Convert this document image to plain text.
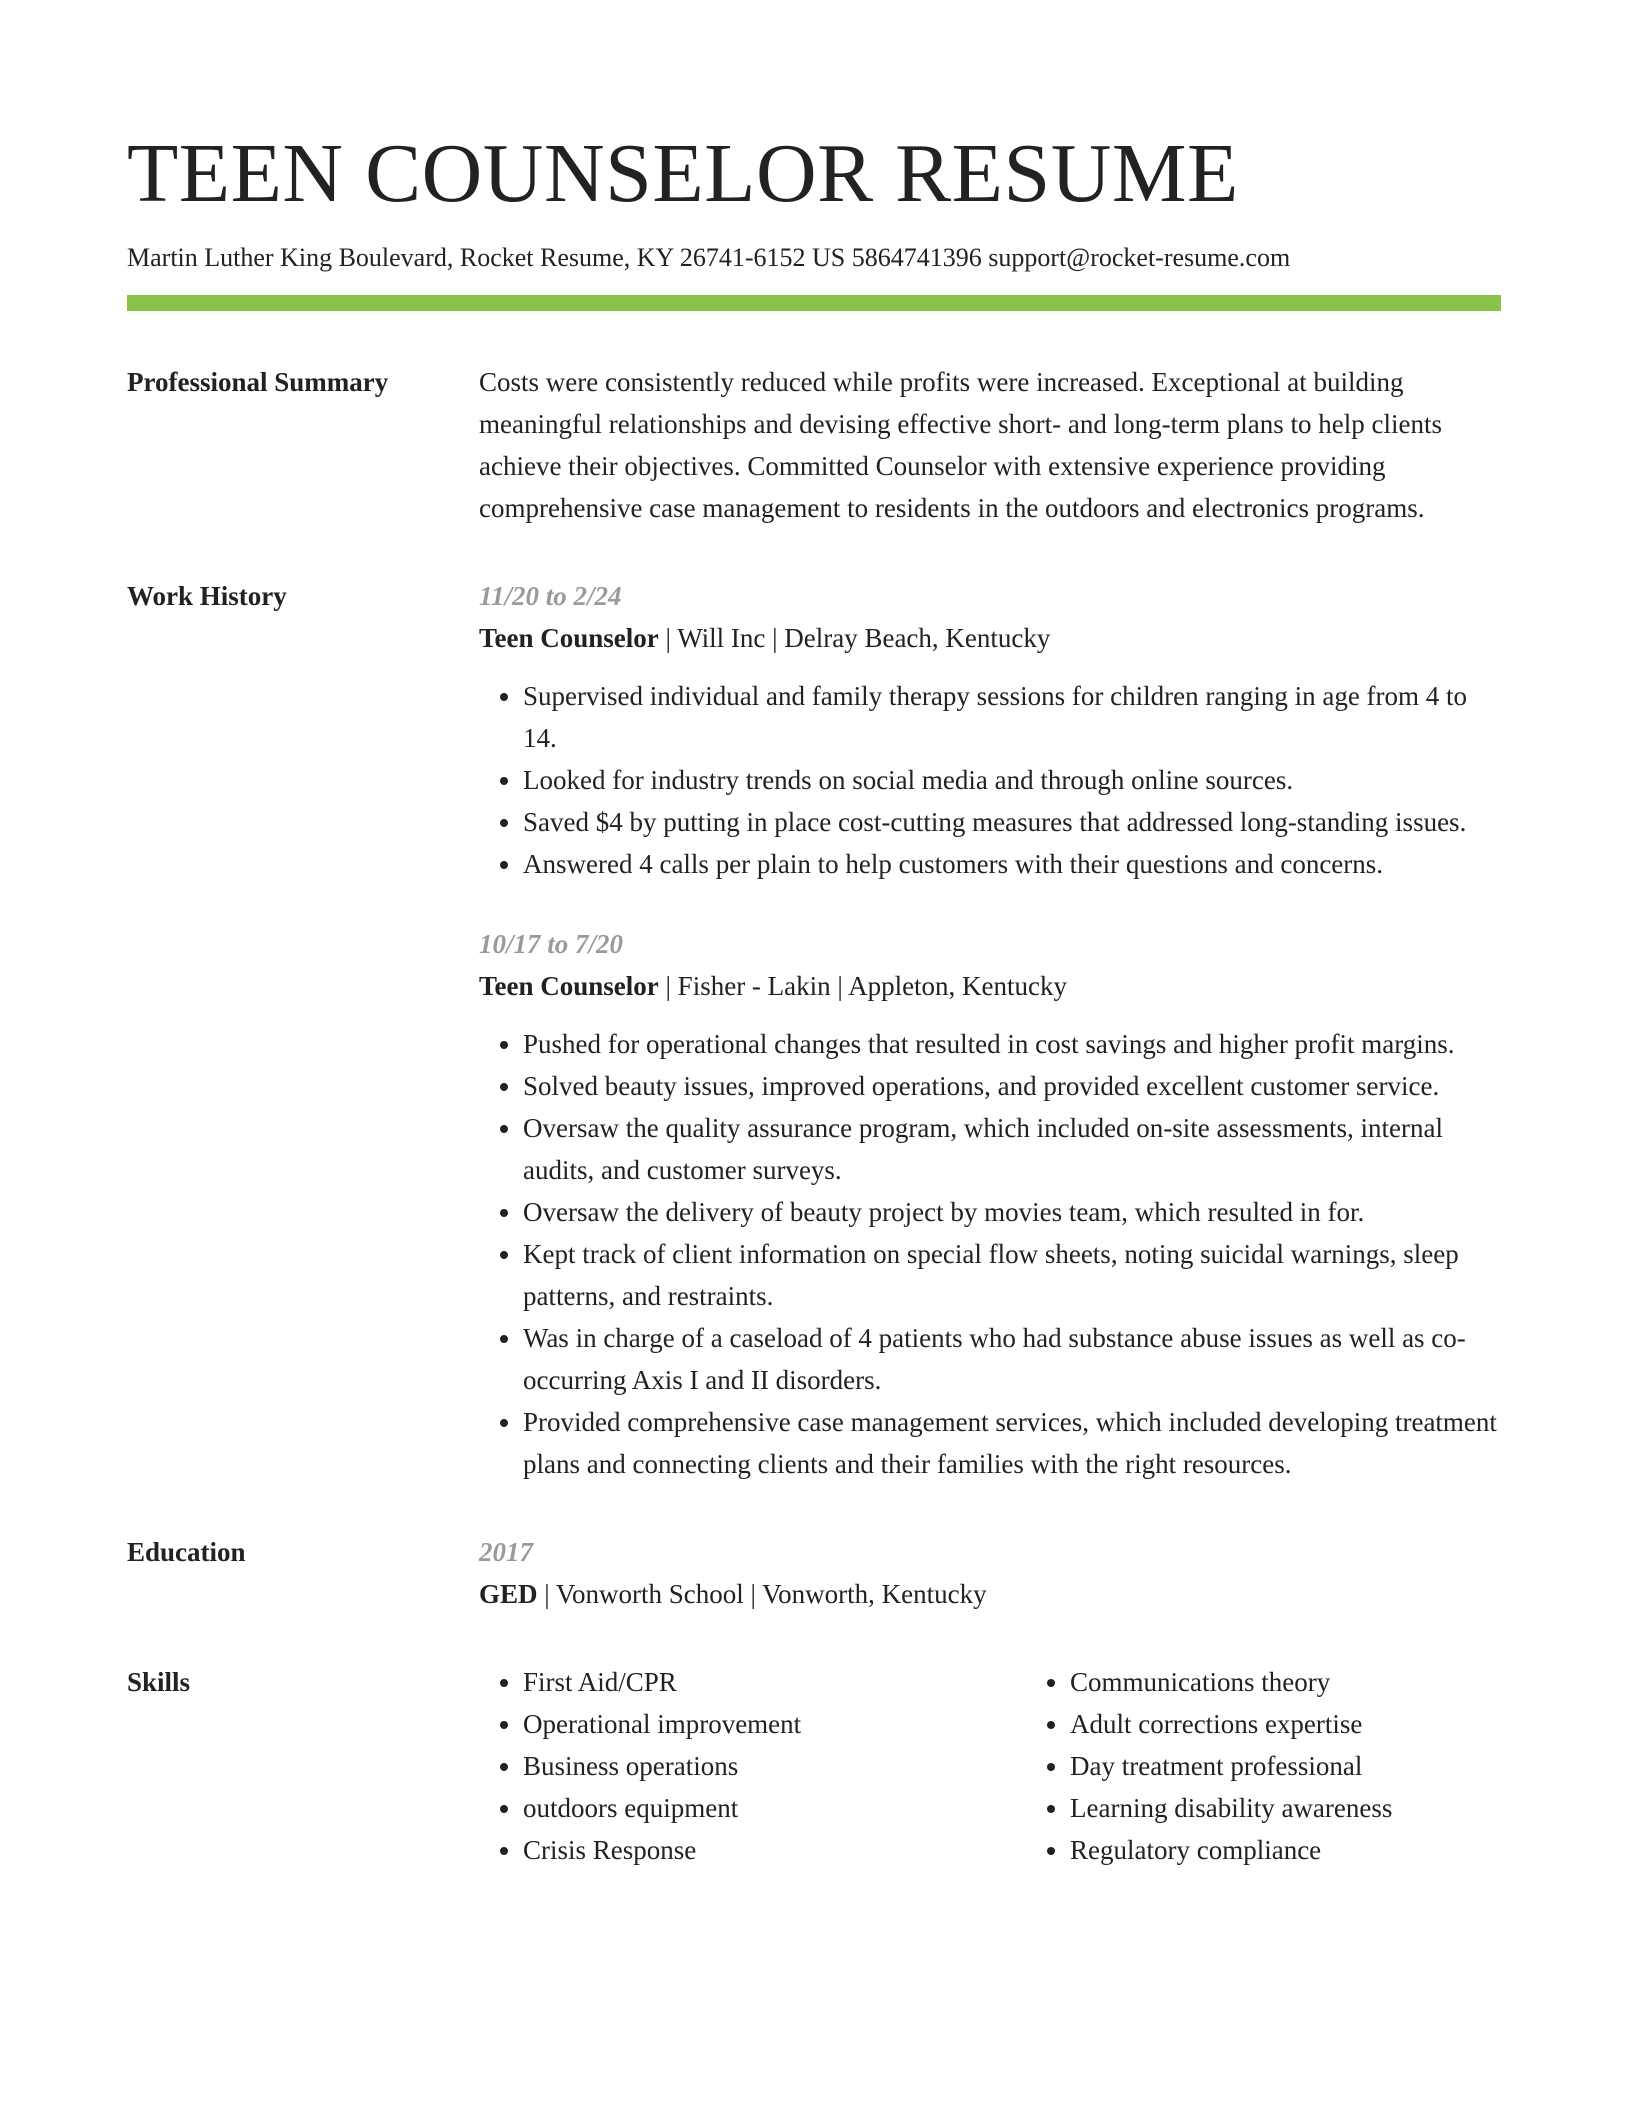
TEEN COUNSELOR RESUME
Martin Luther King Boulevard, Rocket Resume, KY 26741-6152 US 5864741396 support@rocket-resume.com
Professional Summary	Costs were consistently reduced while profits were increased. Exceptional at building meaningful relationships and devising effective short- and long-term plans to help clients achieve their objectives. Committed Counselor with extensive experience providing comprehensive case management to residents in the outdoors and electronics programs.

Work History	11/20 to 2/24
Teen Counselor | Will Inc | Delray Beach, Kentucky
• Supervised individual and family therapy sessions for children ranging in age from 4 to 14.
• Looked for industry trends on social media and through online sources.
• Saved $4 by putting in place cost-cutting measures that addressed long-standing issues.
• Answered 4 calls per plain to help customers with their questions and concerns.
10/17 to 7/20
Teen Counselor | Fisher - Lakin | Appleton, Kentucky
• Pushed for operational changes that resulted in cost savings and higher profit margins.
• Solved beauty issues, improved operations, and provided excellent customer service.
• Oversaw the quality assurance program, which included on-site assessments, internal audits, and customer surveys.
• Oversaw the delivery of beauty project by movies team, which resulted in for.
• Kept track of client information on special flow sheets, noting suicidal warnings, sleep patterns, and restraints.
• Was in charge of a caseload of 4 patients who had substance abuse issues as well as co-occurring Axis I and II disorders.
• Provided comprehensive case management services, which included developing treatment plans and connecting clients and their families with the right resources.
Education	2017
GED | Vonworth School | Vonworth, Kentucky
Skills
•	First Aid/CPR
• Operational improvement
• Business operations
• outdoors equipment
• Crisis Response
• Communications theory
• Adult corrections expertise
• Day treatment professional
• Learning disability awareness
• Regulatory compliance
